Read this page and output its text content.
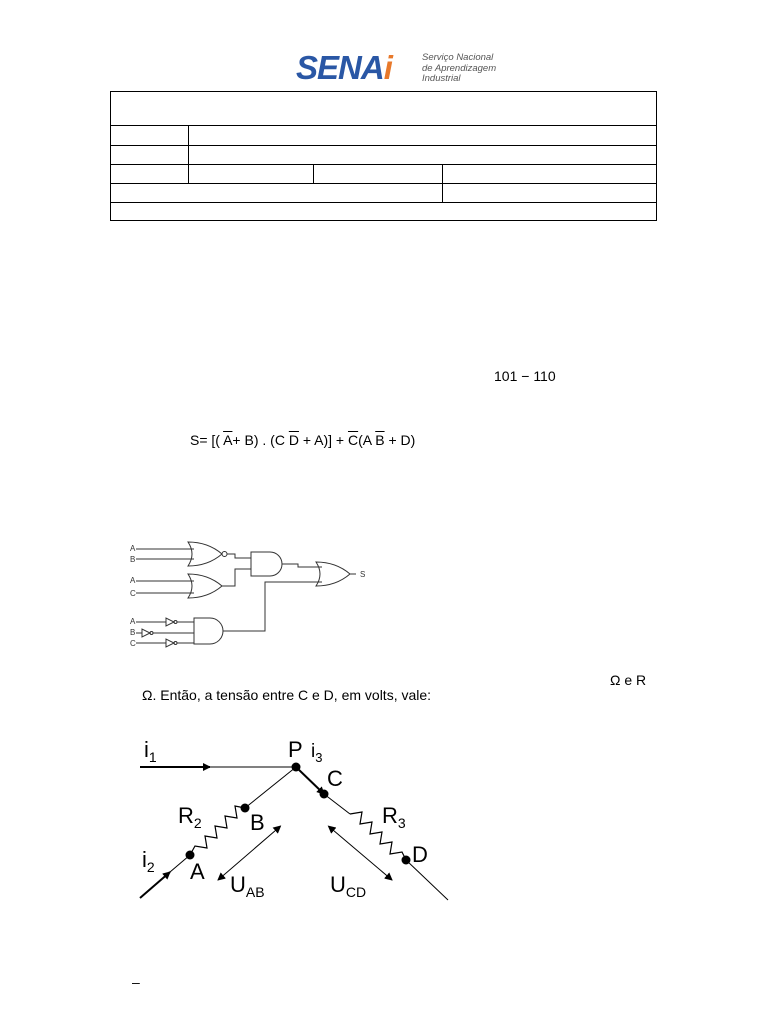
SENAi	Serviço Nacional
de Aprendizagem
Industrial
101 − 110
S= [( $\overline{A}+ B$) . (C $\overline{D} + A)] + \overline{C}(A$ $\overline{B} + D$)
A
B
A
C
A
B
C
S
Ω e R
Ω. Então, a tensão entre C e D, em volts, vale:
$i_1$	P $i_3$
C
$R_2$ B	$R_3$
D
$i_2$ A
$U_{AB}$	$U_{CD}$
–
